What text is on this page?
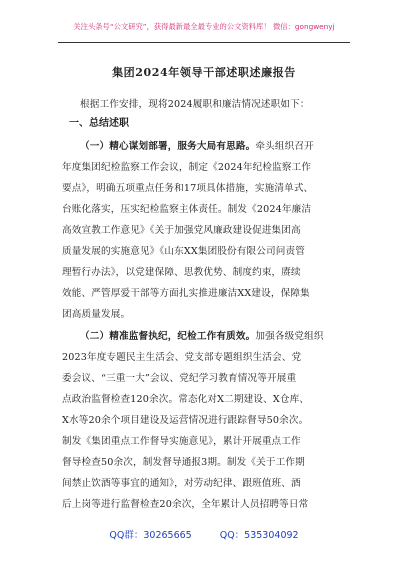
关注头条号“公文研究”，获得最新最全最专业的公文资料库！ 微信：gongwenyj
集团2024年领导干部述职述廉报告
根据工作安排，现将2024履职和廉洁情况述职如下：
一、总结述职
（一）精心谋划部署，服务大局有思路。牵头组织召开
年度集团纪检监察工作会议，制定《2024年纪检监察工作
要点》，明确五项重点任务和17项具体措施，实施清单式、
台账化落实，压实纪检监察主体责任。制发《2024年廉洁
高效宣教工作意见》《关于加强党风廉政建设促进集团高
质量发展的实施意见》《山东XX集团股份有限公司问责管
理暂行办法》，以党建保障、思教优势、制度约束，赓续
效能、严管厚爱干部等方面扎实推进廉洁XX建设，保障集
团高质量发展。
（二）精准监督执纪，纪检工作有质效。加强各级党组织
2023年度专题民主生活会、党支部专题组织生活会、党
委会议、“三重一大”会议、党纪学习教育情况等开展重
点政治监督检查120余次。常态化对X二期建设、X仓库、
X水等20余个项目建设及运营情况进行跟踪督导50余次。
制发《集团重点工作督导实施意见》，累计开展重点工作
督导检查50余次，制发督导通报3期。制发《关于工作期
间禁止饮酒等事宜的通知》，对劳动纪律、跟班值班、酒
后上岗等进行监督检查20余次，全年累计人员招聘等日常
QQ群：30265665	QQ：535304092
